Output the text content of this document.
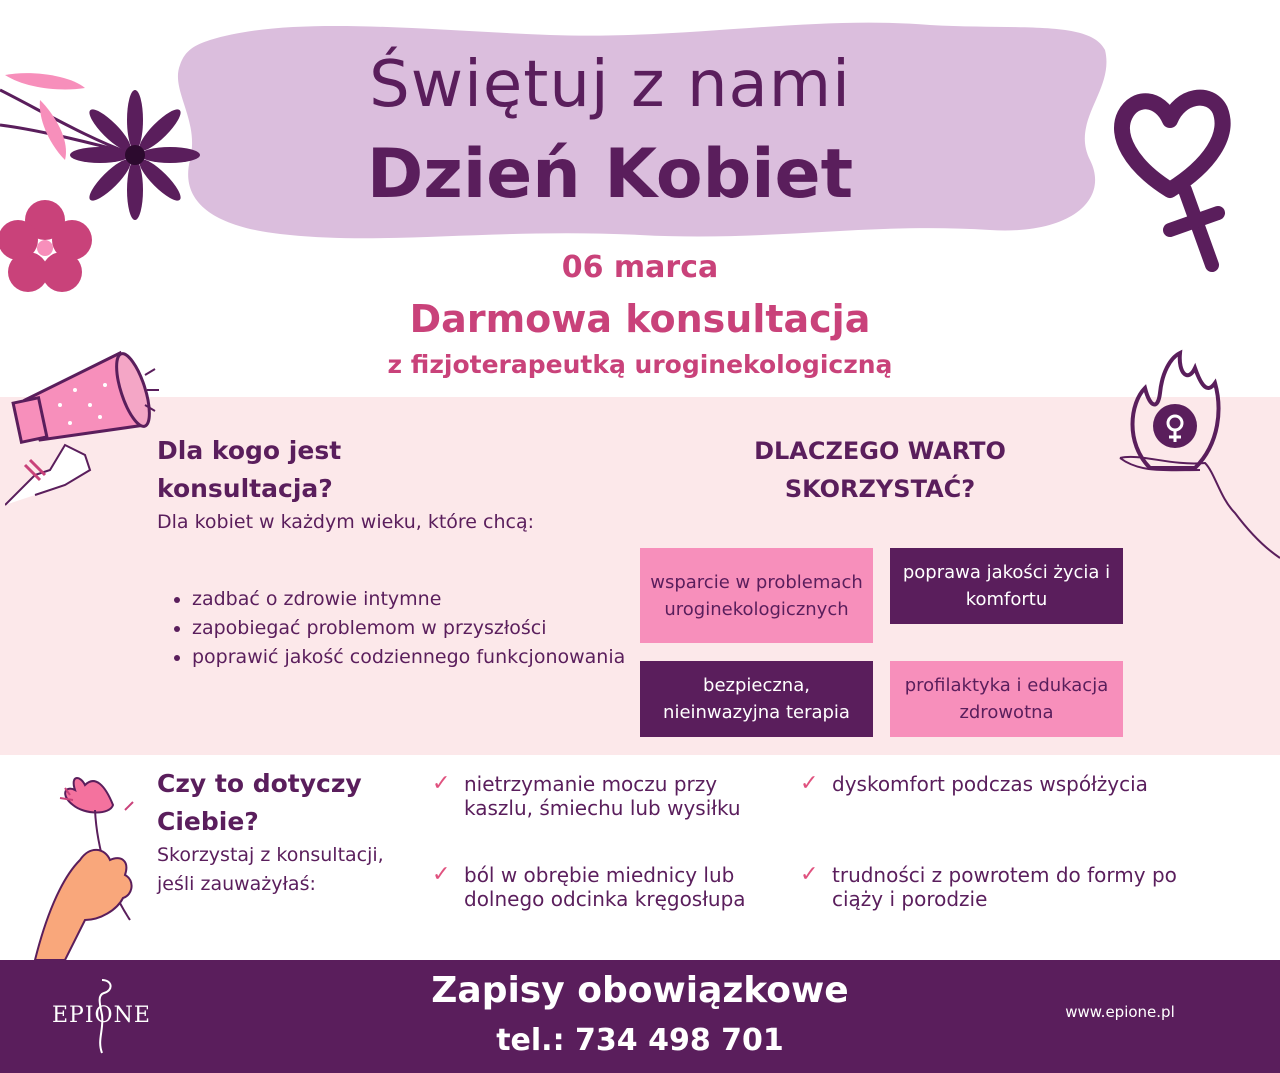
Świętuj z nami
Dzień Kobiet
06 marca
Darmowa konsultacja
z fizjoterapeutką uroginekologiczną
Dla kogo jest konsultacja?
Dla kobiet w każdym wieku, które chcą:
• zadbać o zdrowie intymne
• zapobiegać problemom w przyszłości
• poprawić jakość codziennego funkcjonowania
DLACZEGO WARTO SKORZYSTAĆ?
wsparcie w problemach uroginekologicznych
poprawa jakości życia i komfortu
bezpieczna, nieinwazyjna terapia
profilaktyka i edukacja zdrowotna
Czy to dotyczy Ciebie?
Skorzystaj z konsultacji, jeśli zauważyłaś:
✓ nietrzymanie moczu przy kaszlu, śmiechu lub wysiłku
✓ dyskomfort podczas współżycia
✓ ból w obrębie miednicy lub dolnego odcinka kręgosłupa
✓ trudności z powrotem do formy po ciąży i porodzie
EPIONE
Zapisy obowiązkowe
tel.: 734 498 701
www.epione.pl
